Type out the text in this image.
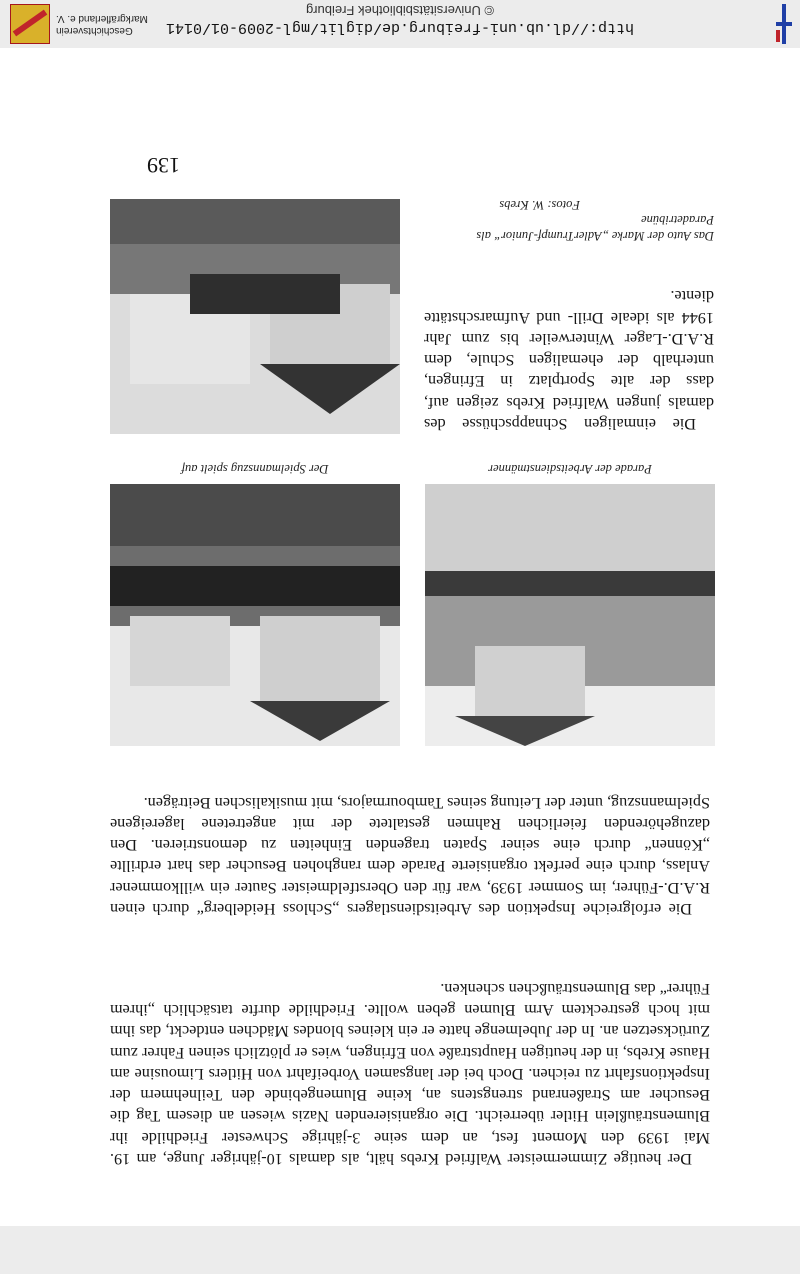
http://dl.ub.uni-freiburg.de/diglit/mgl-2009-01/0141
© Universitätsbibliothek Freiburg
Geschichtsverein
Markgräflerland e. V.
139

Der heutige Zimmermeister Walfried Krebs hält, als damals 10-jähriger Junge, am 19. Mai 1939 den Moment fest, an dem seine 3-jährige Schwester Friedhilde ihr Blumensträußlein Hitler überreicht. Die organisierenden Nazis wiesen an diesem Tag die Besucher am Straßenrand strengstens an, keine Blumengebinde den Teilnehmern der Inspektionsfahrt zu reichen. Doch bei der langsamen Vorbeifahrt von Hitlers Limousine am Hause Krebs, in der heutigen Hauptstraße von Efringen, wies er plötzlich seinen Fahrer zum Zurücksetzen an. In der Jubelmenge hatte er ein kleines blondes Mädchen entdeckt, das ihm mit hoch gestrecktem Arm Blumen geben wollte. Friedhilde durfte tatsächlich „ihrem Führer“ das Blumensträußchen schenken.

Die erfolgreiche Inspektion des Arbeitsdienstlagers „Schloss Heidelberg“ durch einen R.A.D.-Führer, im Sommer 1939, war für den Oberstfeldmeister Sauter ein willkommener Anlass, durch eine perfekt organisierte Parade dem ranghohen Besucher das hart erdrillte „Können“ durch eine seiner Spaten tragenden Einheiten zu demonstrieren. Den dazugehörenden feierlichen Rahmen gestaltete der mit angetretene lagereigene Spielmannszug, unter der Leitung seines Tambourmajors, mit musikalischen Beiträgen.

Der Spielmannszug spielt auf	Parade der Arbeitsdienstmänner

Die einmaligen Schnappschüsse des damals jungen Walfried Krebs zeigen auf, dass der alte Sportplatz in Efringen, unterhalb der ehemaligen Schule, dem R.A.D.-Lager Winterweiler bis zum Jahr 1944 als ideale Drill- und Aufmarschstätte diente.

Das Auto der Marke „AdlerTrumpf-Junior“ als Paradetribüne
Fotos: W. Krebs
